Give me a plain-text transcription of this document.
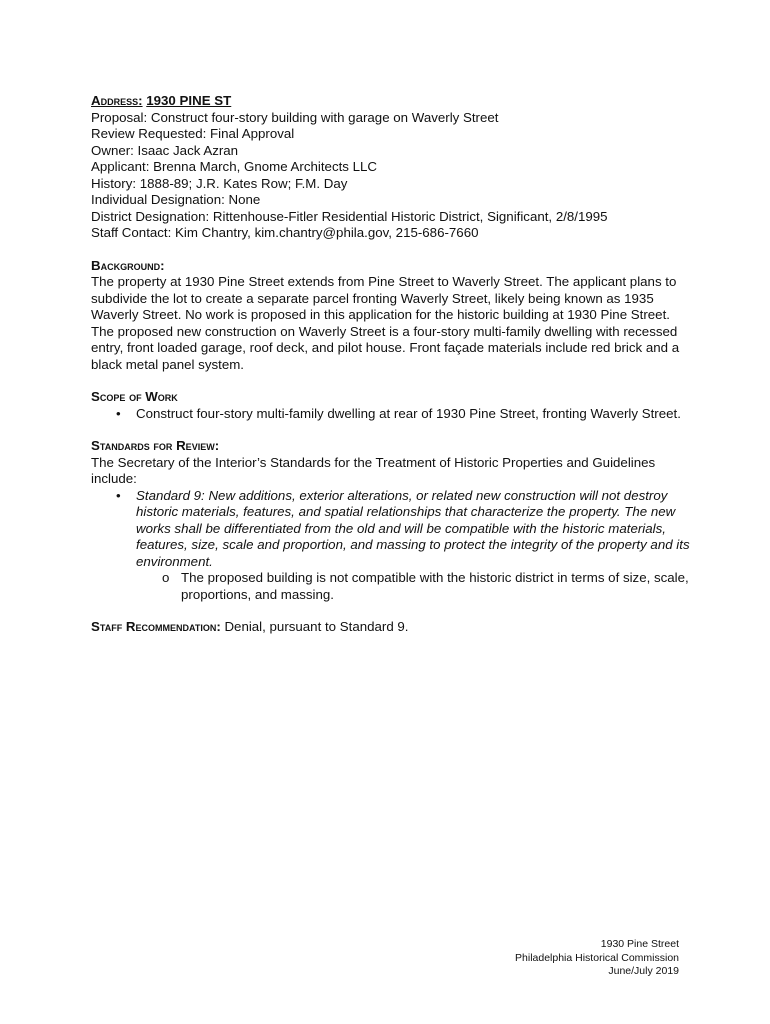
Address: 1930 PINE ST
Proposal: Construct four-story building with garage on Waverly Street
Review Requested: Final Approval
Owner: Isaac Jack Azran
Applicant: Brenna March, Gnome Architects LLC
History: 1888-89; J.R. Kates Row; F.M. Day
Individual Designation: None
District Designation: Rittenhouse-Fitler Residential Historic District, Significant, 2/8/1995
Staff Contact: Kim Chantry, kim.chantry@phila.gov, 215-686-7660
Background:

The property at 1930 Pine Street extends from Pine Street to Waverly Street. The applicant plans to subdivide the lot to create a separate parcel fronting Waverly Street, likely being known as 1935 Waverly Street. No work is proposed in this application for the historic building at 1930 Pine Street. The proposed new construction on Waverly Street is a four-story multi-family dwelling with recessed entry, front loaded garage, roof deck, and pilot house. Front façade materials include red brick and a black metal panel system.

Scope of Work
• Construct four-story multi-family dwelling at rear of 1930 Pine Street, fronting Waverly Street.
Standards for Review:

The Secretary of the Interior’s Standards for the Treatment of Historic Properties and Guidelines include:

• Standard 9: New additions, exterior alterations, or related new construction will not destroy historic materials, features, and spatial relationships that characterize the property. The new works shall be differentiated from the old and will be compatible with the historic materials, features, size, scale and proportion, and massing to protect the integrity of the property and its environment.
o The proposed building is not compatible with the historic district in terms of size, scale, proportions, and massing.
Staff Recommendation: Denial, pursuant to Standard 9.
1930 Pine Street
Philadelphia Historical Commission
June/July 2019
